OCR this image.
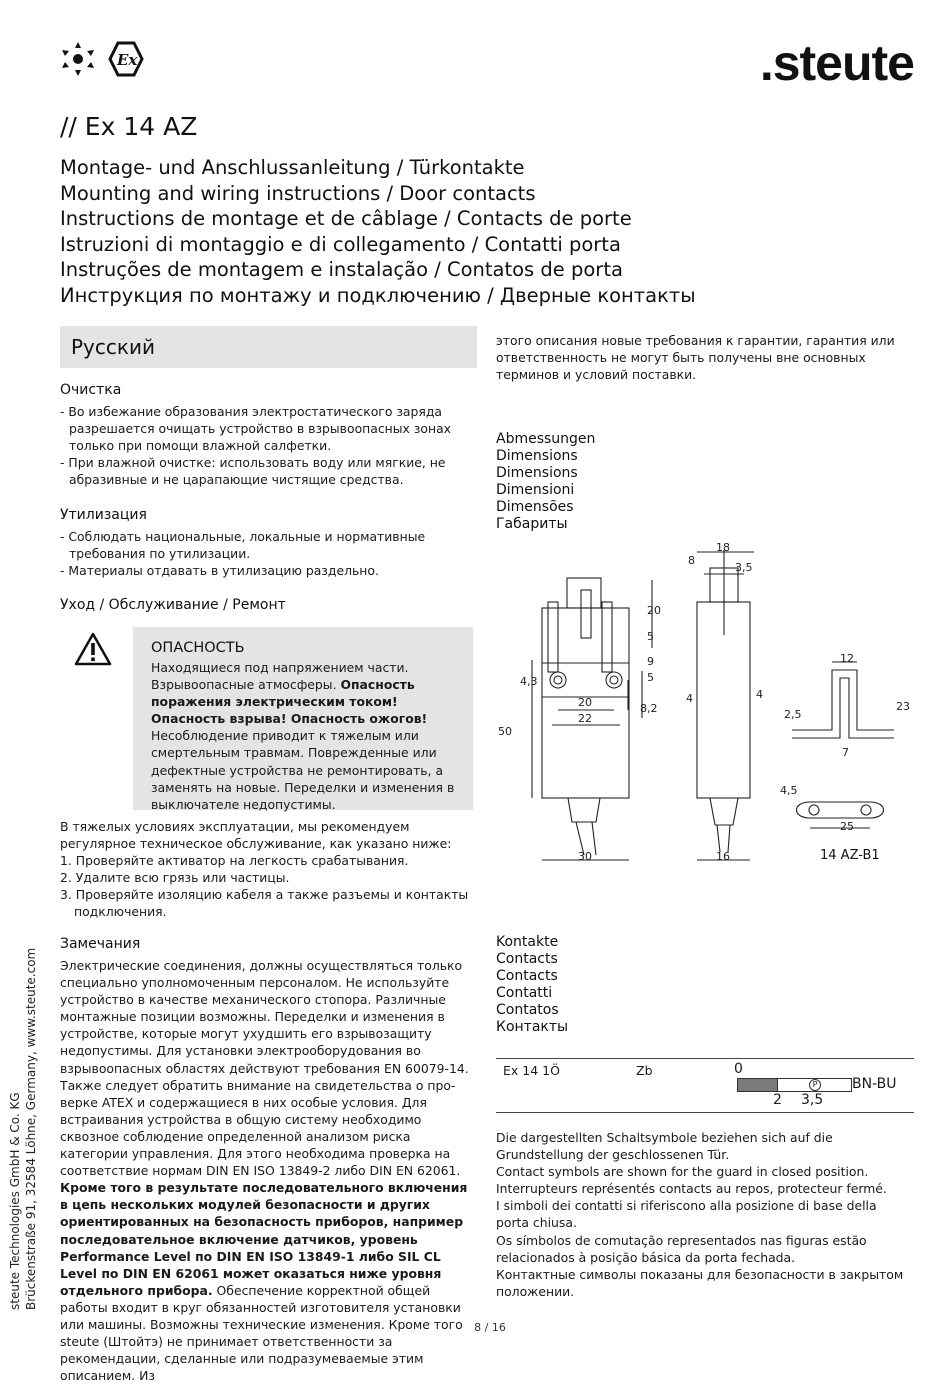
Ex	.steute
// Ex 14 AZ
Montage- und Anschlussanleitung / Türkontakte
Mounting and wiring instructions / Door contacts
Instructions de montage et de câblage / Contacts de porte
Istruzioni di montaggio e di collegamento / Contatti porta
Instruções de montagem e instalação / Contatos de porta
Инструкция по монтажу и подключению / Дверные контакты
Русский
Очистка
- Во избежание образования электростатического заряда разрешается очищать устройство в взрывоопасных зонах только при помощи влажной салфетки.
- При влажной очистке: использовать воду или мягкие, не абразивные и не царапающие чистящие средства.
Утилизация
- Соблюдать национальные, локальные и нормативные требования по утилизации.
- Материалы отдавать в утилизацию раздельно.
Уход / Обслуживание / Ремонт
ОПАСНОСТЬ
Находящиеся под напряжением части. Взрывоопасные атмосферы. Опасность поражения электрическим током! Опасность взрыва! Опасность ожогов! Несоблюдение приводит к тяжелым или смертельным травмам. Поврежденные или дефектные устройства не ремонтировать, а заменять на новые. Переделки и изменения в выключателе недопустимы.
В тяжелых условиях эксплуатации, мы рекомендуем регулярное техническое обслуживание, как указано ниже:
1. Проверяйте активатор на легкость срабатывания.
2. Удалите всю грязь или частицы.
3. Проверяйте изоляцию кабеля а также разъемы и контакты подключения.
Замечания
Электрические соединения, должны осуществляться только специально уполномоченным персоналом. Не используйте устройство в качестве механического стопора. Различные монтажные позиции возможны. Переделки и изменения в устройстве, которые могут ухудшить его взрывозащиту недопустимы. Для установки электрооборудования во взрывоопасных областях действуют требования EN 60079-14. Также следует обратить внимание на свидетельства о проверке ATEX и содержащиеся в них особые условия. Для встраивания устройства в общую систему необходимо сквозное соблюдение определенной анализом риска категории управления. Для этого необходима проверка на соответствие нормам DIN EN ISO 13849-2 либо DIN EN 62061. Кроме того в результате последовательного включения в цепь нескольких модулей безопасности и других ориентированных на безопасность приборов, например последовательное включение датчиков, уровень Performance Level по DIN EN ISO 13849-1 либо SIL CL Level по DIN EN 62061 может оказаться ниже уровня отдельного прибора. Обеспечение корректной общей работы входит в круг обязанностей изготовителя установки или машины. Возможны технические изменения. Кроме того steute (Штойтэ) не принимает ответственности за рекомендации, сделанные или подразумеваемые этим описанием. Из
этого описания новые требования к гарантии, гарантия или ответственность не могут быть получены вне основных терминов и условий поставки.
Abmessungen
Dimensions
Dimensions
Dimensioni
Dimensões
Габариты
18
8
3,5
20
5
9
5
4,3
20
22
8,2
50
30
4	4
16
12
2,5
23
7
4,5
25
14 AZ-B1
Kontakte
Contacts
Contacts
Contatti
Contatos
Контакты
Ex 14 1Ö	Zb	0
P BN-BU
2 3,5
Die dargestellten Schaltsymbole beziehen sich auf die Grundstellung der geschlossenen Tür.
Contact symbols are shown for the guard in closed position.
Interrupteurs représentés contacts au repos, protecteur fermé.
I simboli dei contatti si riferiscono alla posizione di base della porta chiusa.
Os símbolos de comutação representados nas figuras estão relacionados à posição básica da porta fechada.
Контактные символы показаны для безопасности в закрытом положении.
steute Technologies GmbH & Co. KG Brückenstraße 91, 32584 Löhne, Germany, www.steute.com
8 / 16
